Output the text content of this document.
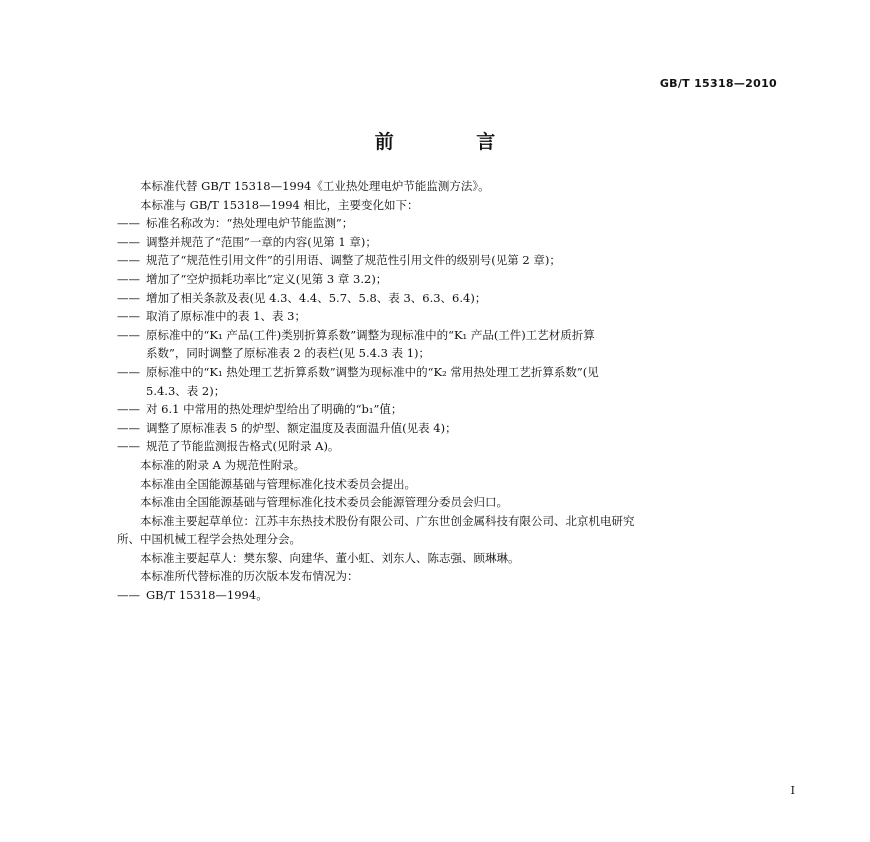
GB/T 15318—2010
前 言
本标准代替 GB/T 15318—1994《工业热处理电炉节能监测方法》。
本标准与 GB/T 15318—1994 相比，主要变化如下：
—— 标准名称改为：“热处理电炉节能监测”；
—— 调整并规范了“范围”一章的内容(见第 1 章)；
—— 规范了“规范性引用文件”的引用语、调整了规范性引用文件的级别号(见第 2 章)；
—— 增加了“空炉损耗功率比”定义(见第 3 章 3.2)；
—— 增加了相关条款及表(见 4.3、4.4、5.7、5.8、表 3、6.3、6.4)；
—— 取消了原标准中的表 1、表 3；
—— 原标准中的“K₁ 产品(工件)类别折算系数”调整为现标准中的“K₁ 产品(工件)工艺材质折算
系数”，同时调整了原标准表 2 的表栏(见 5.4.3 表 1)；
—— 原标准中的“K₁ 热处理工艺折算系数”调整为现标准中的“K₂ 常用热处理工艺折算系数”(见
5.4.3、表 2)；
—— 对 6.1 中常用的热处理炉型给出了明确的“b₁”值；
—— 调整了原标准表 5 的炉型、额定温度及表面温升值(见表 4)；
—— 规范了节能监测报告格式(见附录 A)。
本标准的附录 A 为规范性附录。
本标准由全国能源基础与管理标准化技术委员会提出。
本标准由全国能源基础与管理标准化技术委员会能源管理分委员会归口。
本标准主要起草单位：江苏丰东热技术股份有限公司、广东世创金属科技有限公司、北京机电研究
所、中国机械工程学会热处理分会。
本标准主要起草人：樊东黎、向建华、董小虹、刘东人、陈志强、顾琳琳。
本标准所代替标准的历次版本发布情况为：
—— GB/T 15318—1994。
I
